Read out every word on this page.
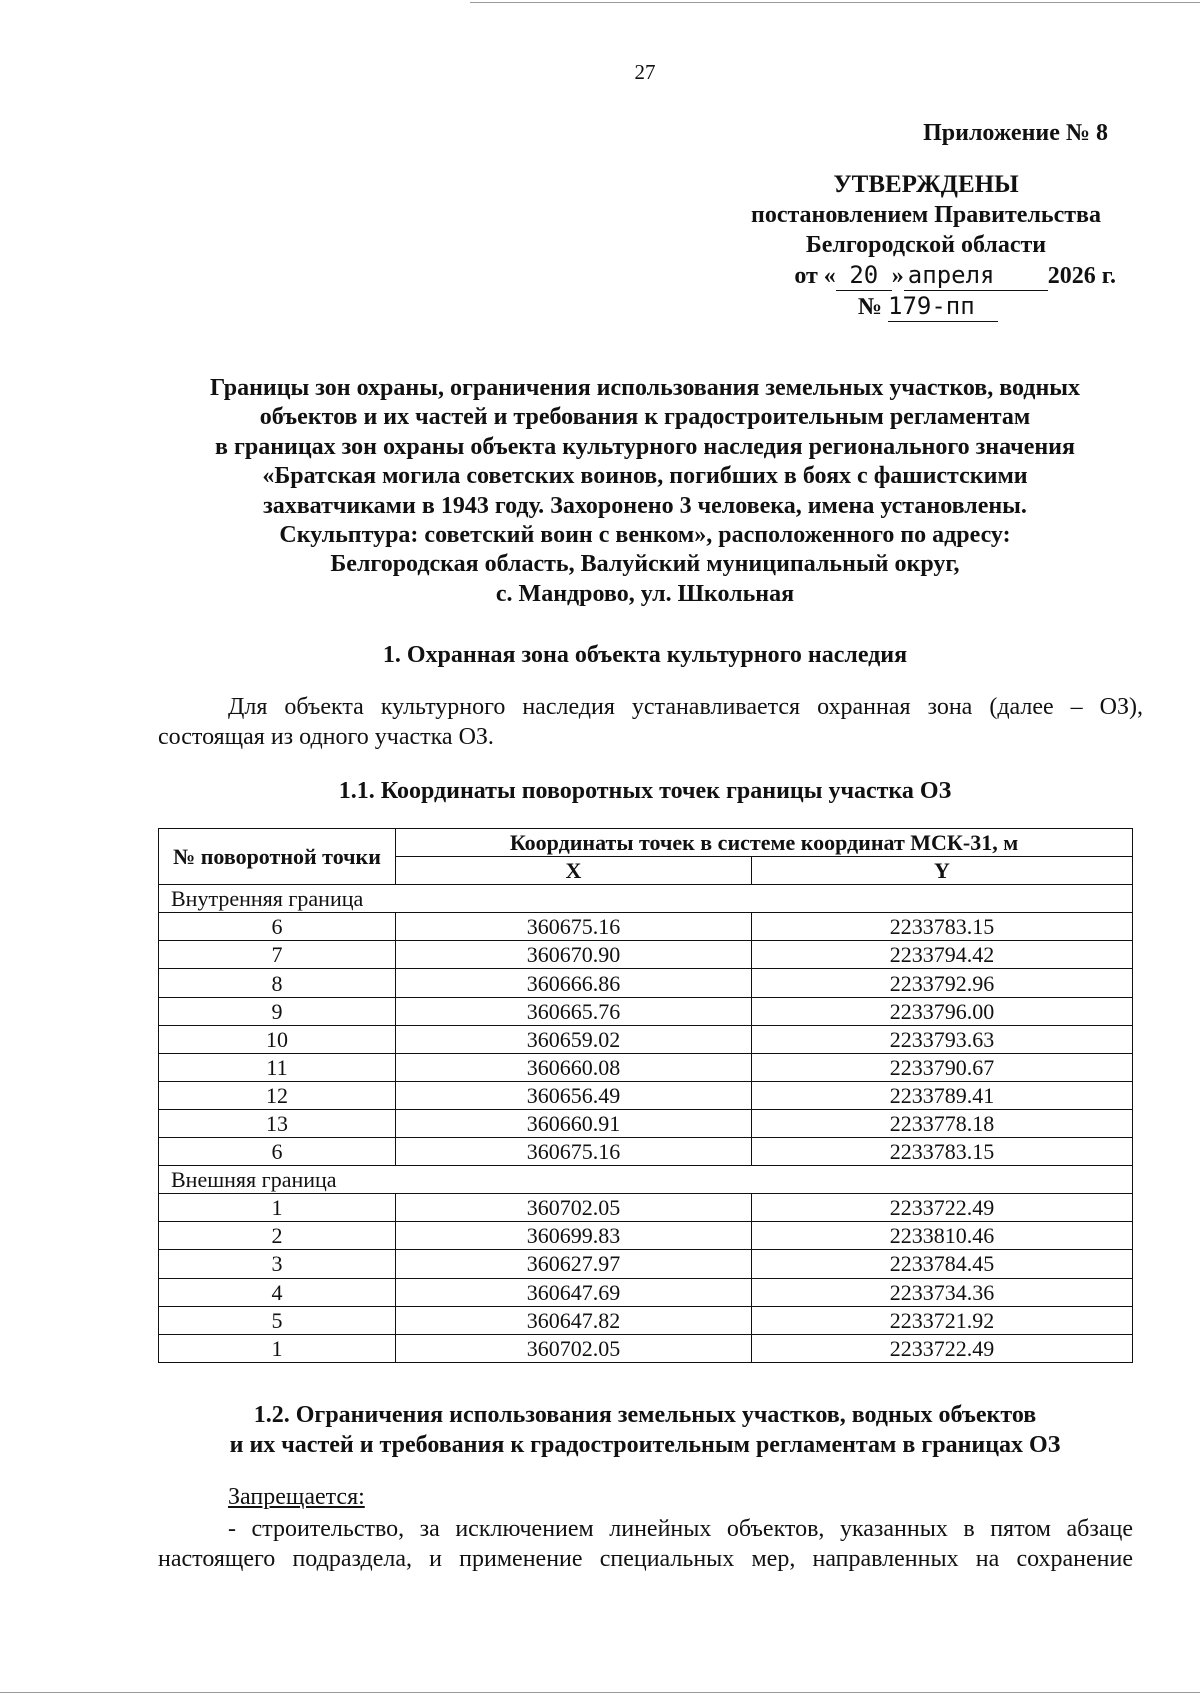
27
Приложение № 8
УТВЕРЖДЕНЫ
постановлением Правительства
Белгородской области
от « 20 » апреля 2026 г.
№ 179-пп
Границы зон охраны, ограничения использования земельных участков, водных
объектов и их частей и требования к градостроительным регламентам
в границах зон охраны объекта культурного наследия регионального значения
«Братская могила советских воинов, погибших в боях с фашистскими
захватчиками в 1943 году. Захоронено 3 человека, имена установлены.
Скульптура: советский воин с венком», расположенного по адресу:
Белгородская область, Валуйский муниципальный округ,
с. Мандрово, ул. Школьная
1. Охранная зона объекта культурного наследия
Для объекта культурного наследия устанавливается охранная зона (далее – ОЗ),
состоящая из одного участка ОЗ.
1.1. Координаты поворотных точек границы участка ОЗ
№ поворотной точки	Координаты точек в системе координат МСК-31, м	
	X	Y
Внутренняя граница		
6	360675.16	2233783.15
7	360670.90	2233794.42
8	360666.86	2233792.96
9	360665.76	2233796.00
10	360659.02	2233793.63
11	360660.08	2233790.67
12	360656.49	2233789.41
13	360660.91	2233778.18
6	360675.16	2233783.15
Внешняя граница		
1	360702.05	2233722.49
2	360699.83	2233810.46
3	360627.97	2233784.45
4	360647.69	2233734.36
5	360647.82	2233721.92
1	360702.05	2233722.49
1.2. Ограничения использования земельных участков, водных объектов
и их частей и требования к градостроительным регламентам в границах ОЗ
Запрещается:
- строительство, за исключением линейных объектов, указанных в пятом абзаце
настоящего подраздела, и применение специальных мер, направленных на сохранение
